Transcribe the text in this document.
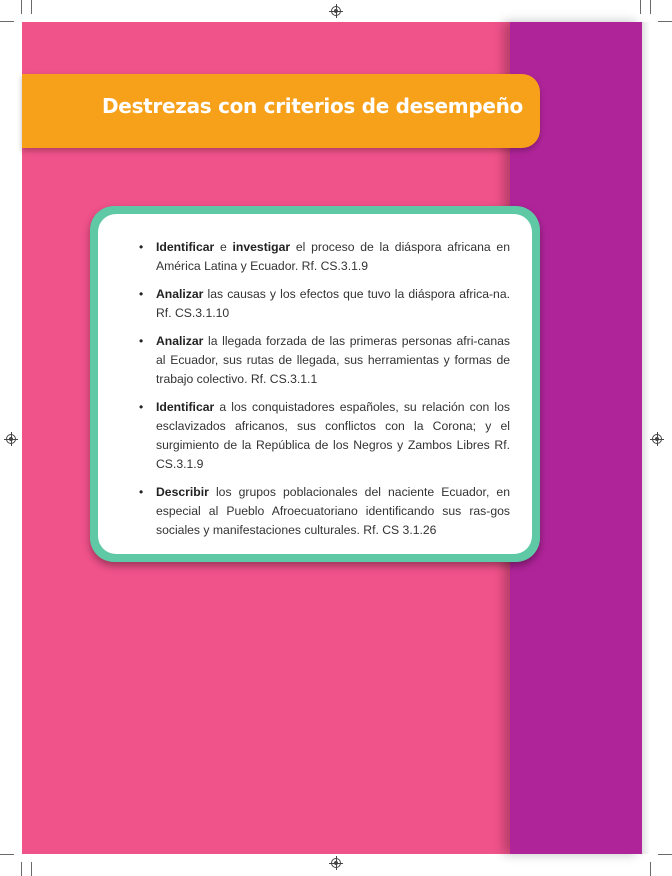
Destrezas con criterios de desempeño
• Identificar e investigar el proceso de la diáspora africana en América Latina y Ecuador. Rf. CS.3.1.9
• Analizar las causas y los efectos que tuvo la diáspora africa-na. Rf. CS.3.1.10
• Analizar la llegada forzada de las primeras personas afri-canas al Ecuador, sus rutas de llegada, sus herramientas y formas de trabajo colectivo. Rf. CS.3.1.1
• Identificar a los conquistadores españoles, su relación con los esclavizados africanos, sus conflictos con la Corona; y el surgimiento de la República de los Negros y Zambos Libres Rf. CS.3.1.9
• Describir los grupos poblacionales del naciente Ecuador, en especial al Pueblo Afroecuatoriano identificando sus ras-gos sociales y manifestaciones culturales. Rf. CS 3.1.26
